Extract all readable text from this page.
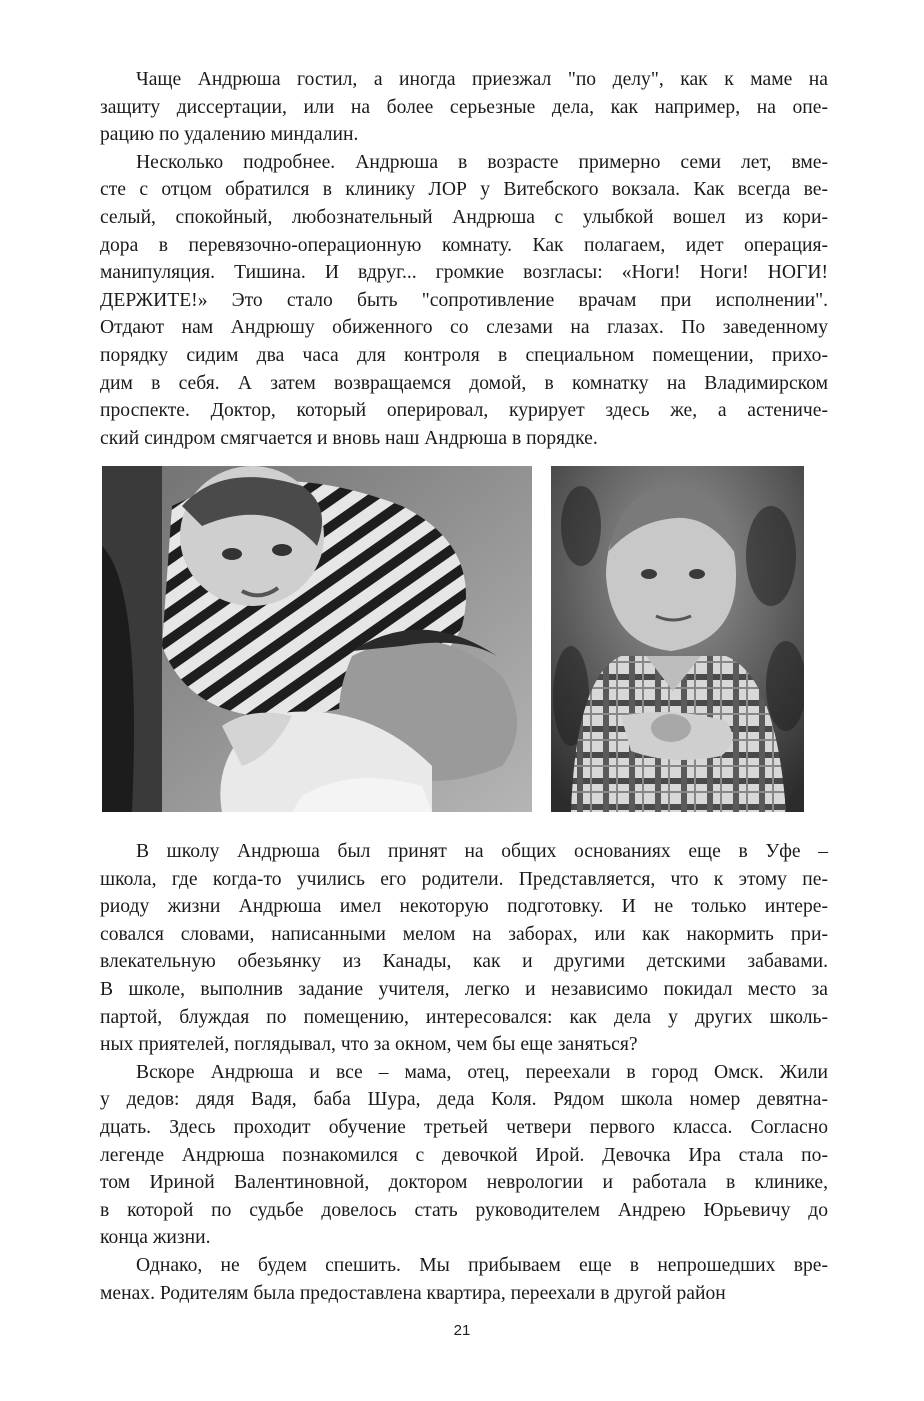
Чаще Андрюша гостил, а иногда приезжал "по делу", как к маме на
защиту диссертации, или на более серьезные дела, как например, на опе-
рацию по удалению миндалин.

Несколько подробнее. Андрюша в возрасте примерно семи лет, вме-
сте с отцом обратился в клинику ЛОР у Витебского вокзала. Как всегда ве-
селый, спокойный, любознательный Андрюша с улыбкой вошел из кори-
дора в перевязочно-операционную комнату. Как полагаем, идет операция-
манипуляция. Тишина. И вдруг... громкие возгласы: «Ноги! Ноги! НОГИ!
ДЕРЖИТЕ!» Это стало быть "сопротивление врачам при исполнении".
Отдают нам Андрюшу обиженного со слезами на глазах. По заведенному
порядку сидим два часа для контроля в специальном помещении, прихо-
дим в себя. А затем возвращаемся домой, в комнатку на Владимирском
проспекте. Доктор, который оперировал, курирует здесь же, а астениче-
ский синдром смягчается и вновь наш Андрюша в порядке.

В школу Андрюша был принят на общих основаниях еще в Уфе –
школа, где когда-то учились его родители. Представляется, что к этому пе-
риоду жизни Андрюша имел некоторую подготовку. И не только интере-
совался словами, написанными мелом на заборах, или как накормить при-
влекательную обезьянку из Канады, как и другими детскими забавами.
В школе, выполнив задание учителя, легко и независимо покидал место за
партой, блуждая по помещению, интересовался: как дела у других школь-
ных приятелей, поглядывал, что за окном, чем бы еще заняться?

Вскоре Андрюша и все – мама, отец, переехали в город Омск. Жили
у дедов: дядя Вадя, баба Шура, деда Коля. Рядом школа номер девятна-
дцать. Здесь проходит обучение третьей четвери первого класса. Согласно
легенде Андрюша познакомился с девочкой Ирой. Девочка Ира стала по-
том Ириной Валентиновной, доктором неврологии и работала в клинике,
в которой по судьбе довелось стать руководителем Андрею Юрьевичу до
конца жизни.

Однако, не будем спешить. Мы прибываем еще в непрошедших вре-
менах. Родителям была предоставлена квартира, переехали в другой район

21
